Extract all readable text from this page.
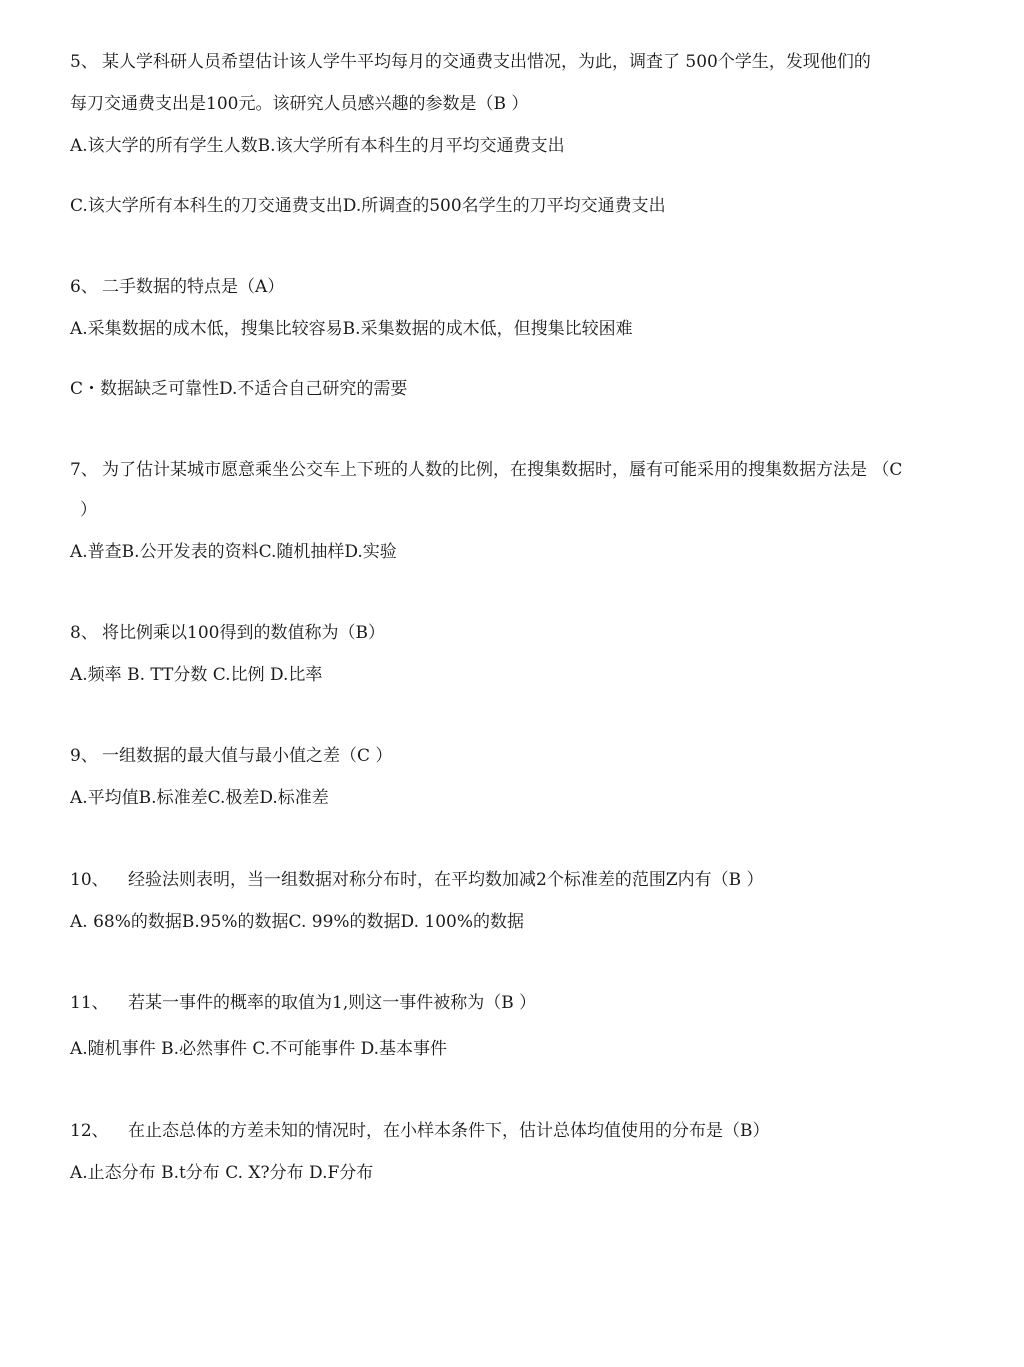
5、 某人学科研人员希望估计该人学牛平均每月的交通费支出惜况，为此，调査了 500个学生，发现他们的
每刀交通费支出是100元。该研究人员感兴趣的参数是（B ）
A.该大学的所有学生人数B.该大学所有本科生的月平均交通费支出
C.该大学所有本科生的刀交通费支出D.所调查的500名学生的刀平均交通费支出
6、 二手数据的特点是（A）
A.采集数据的成木低，搜集比较容易B.采集数据的成木低，但搜集比较困难
C・数据缺乏可靠性D.不适合自己研究的需要
7、 为了估计某城市愿意乘坐公交车上下班的人数的比例，在搜集数据时，蜃有可能采用的搜集数据方法是 （C
）
A.普查B.公开发表的资料C.随机抽样D.实验
8、 将比例乘以100得到的数值称为（B）
A.频率 B. TT分数 C.比例 D.比率
9、 一组数据的最大值与最小值之差（C ）
A.平均值B.标准差C.极差D.标准差
10、 经验法则表明，当一组数据对称分布时，在平均数加减2个标准差的范围Z内有（B ）
A. 68%的数据B.95%的数据C. 99%的数据D. 100%的数据
11、 若某一事件的概率的取值为1,则这一事件被称为（B ）
A.随机事件 B.必然事件 C.不可能事件 D.基本事件
12、 在止态总体的方差未知的情况时，在小样本条件下，估计总体均值使用的分布是（B）
A.止态分布 B.t分布 C. X?分布 D.F分布
